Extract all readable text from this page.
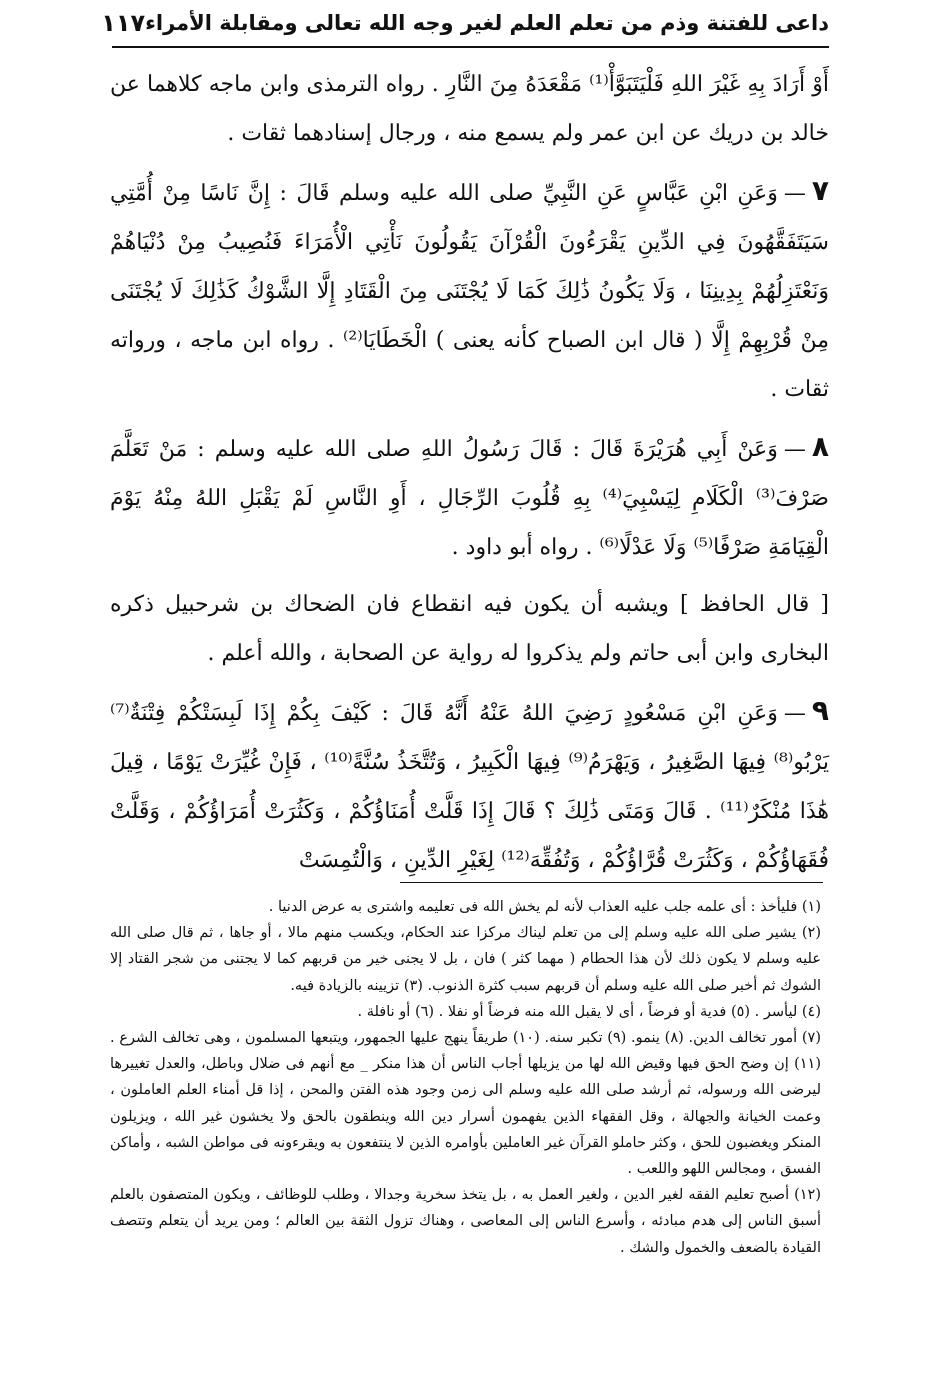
داعى للفتنة وذم من تعلم العلم لغير وجه الله تعالى ومقابلة الأمراء
١١٧

أَوْ أَرَادَ بِهِ غَيْرَ اللهِ فَلْيَتَبَوَّأْ⁽¹⁾ مَقْعَدَهُ مِنَ النَّارِ . رواه الترمذى وابن ماجه كلاهما عن خالد بن دريك عن ابن عمر ولم يسمع منه ، ورجال إسنادهما ثقات .

٧—وَعَنِ ابْنِ عَبَّاسٍ عَنِ النَّبِيِّ صلى الله عليه وسلم قَالَ : إِنَّ نَاسًا مِنْ أُمَّتِي سَيَتَفَقَّهُونَ فِي الدِّينِ يَقْرَءُونَ الْقُرْآنَ يَقُولُونَ نَأْتِي الْأُمَرَاءَ فَنُصِيبُ مِنْ دُنْيَاهُمْ وَنَعْتَزِلُهُمْ بِدِينِنَا ، وَلَا يَكُونُ ذَٰلِكَ كَمَا لَا يُجْتَنَى مِنَ الْقَتَادِ إِلَّا الشَّوْكُ كَذَٰلِكَ لَا يُجْتَنَى مِنْ قُرْبِهِمْ إِلَّا ( قال ابن الصباح كأنه يعنى ) الْخَطَايَا⁽²⁾ . رواه ابن ماجه ، ورواته ثقات .

٨—وَعَنْ أَبِي هُرَيْرَةَ قَالَ : قَالَ رَسُولُ اللهِ صلى الله عليه وسلم : مَنْ تَعَلَّمَ صَرْفَ⁽³⁾ الْكَلَامِ لِيَسْبِيَ⁽⁴⁾ بِهِ قُلُوبَ الرِّجَالِ ، أَوِ النَّاسِ لَمْ يَقْبَلِ اللهُ مِنْهُ يَوْمَ الْقِيَامَةِ صَرْفًا⁽⁵⁾ وَلَا عَدْلًا⁽⁶⁾ . رواه أبو داود .

[ قال الحافظ ] ويشبه أن يكون فيه انقطاع فان الضحاك بن شرحبيل ذكره البخارى وابن أبى حاتم ولم يذكروا له رواية عن الصحابة ، والله أعلم .

٩—وَعَنِ ابْنِ مَسْعُودٍ رَضِيَ اللهُ عَنْهُ أَنَّهُ قَالَ : كَيْفَ بِكُمْ إِذَا لَبِسَتْكُمْ فِتْنَةٌ⁽⁷⁾ يَرْبُو⁽⁸⁾ فِيهَا الصَّغِيرُ ، وَيَهْرَمُ⁽⁹⁾ فِيهَا الْكَبِيرُ ، وَتُتَّخَذُ سُنَّةً⁽¹⁰⁾ ، فَإِنْ غُيِّرَتْ يَوْمًا ، قِيلَ هَٰذَا مُنْكَرٌ⁽¹¹⁾ . قَالَ وَمَتَى ذَٰلِكَ ؟ قَالَ إِذَا قَلَّتْ أُمَنَاؤُكُمْ ، وَكَثُرَتْ أُمَرَاؤُكُمْ ، وَقَلَّتْ فُقَهَاؤُكُمْ ، وَكَثُرَتْ قُرَّاؤُكُمْ ، وَتُفُقِّهَ⁽¹²⁾ لِغَيْرِ الدِّينِ ، وَالْتُمِسَتْ

(١) فليأخذ : أى علمه جلب عليه العذاب لأنه لم يخش الله فى تعليمه واشترى به عرض الدنيا .

(٢) يشير صلى الله عليه وسلم إلى من تعلم ليناك مركزا عند الحكام، ويكسب منهم مالا ، أو جاها ، ثم قال صلى الله عليه وسلم لا يكون ذلك لأن هذا الحطام ( مهما كثر ) فان ، بل لا يجنى خير من قربهم كما لا يجتنى من شجر القتاد إلا الشوك ثم أخبر صلى الله عليه وسلم أن قربهم سبب كثرة الذنوب. (٣) تزيينه بالزيادة فيه.

(٤) ليأسر . (٥) فدية أو فرضاً ، أى لا يقبل الله منه فرضاً أو نفلا . (٦) أو نافلة .

(٧) أمور تخالف الدين. (٨) ينمو. (٩) تكبر سنه. (١٠) طريقاً ينهج عليها الجمهور، ويتبعها المسلمون ، وهى تخالف الشرع . (١١) إن وضح الحق فيها وقيض الله لها من يزيلها أجاب الناس أن هذا منكر _ مع أنهم فى ضلال وباطل، والعدل تغييرها ليرضى الله ورسوله، ثم أرشد صلى الله عليه وسلم الى زمن وجود هذه الفتن والمحن ، إذا قل أمناء العلم العاملون ، وعمت الخيانة والجهالة ، وقل الفقهاء الذين يفهمون أسرار دين الله وينطقون بالحق ولا يخشون غير الله ، ويزيلون المنكر ويغضبون للحق ، وكثر حاملو القرآن غير العاملين بأوامره الذين لا ينتفعون به ويقرءونه فى مواطن الشبه ، وأماكن الفسق ، ومجالس اللهو واللعب .

(١٢) أصبح تعليم الفقه لغير الدين ، ولغير العمل به ، بل يتخذ سخرية وجدالا ، وطلب للوظائف ، ويكون المتصفون بالعلم أسبق الناس إلى هدم مبادئه ، وأسرع الناس إلى المعاصى ، وهناك تزول الثقة بين العالم ؛ ومن يريد أن يتعلم وتتصف القيادة بالضعف والخمول والشك .
